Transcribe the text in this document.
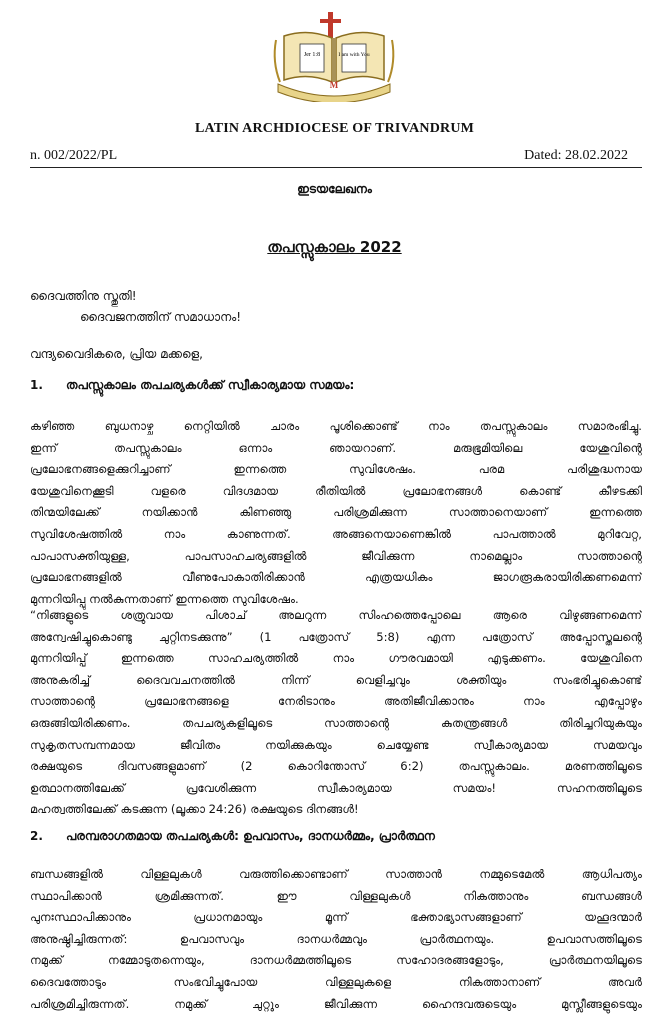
Jer 1:8	I am with You
M
LATIN ARCHDIOCESE OF TRIVANDRUM
n. 002/2022/PL	Dated: 28.02.2022
ഇടയലേഖനം
തപസ്സുകാലം 2022
ദൈവത്തിനു സ്തുതി!
ദൈവജനത്തിന് സമാധാനം!
വന്ദ്യവൈദികരെ, പ്രിയ മക്കളെ,
1. തപസ്സുകാലം തപചര്യകൾക്ക് സ്വീകാര്യമായ സമയം:
കഴിഞ്ഞ ബുധനാഴ്ച നെറ്റിയിൽ ചാരം പൂശിക്കൊണ്ട് നാം തപസ്സുകാലം സമാരംഭിച്ചു.
ഇന്ന് തപസ്സുകാലം ഒന്നാം ഞായറാണ്. മരുഭൂമിയിലെ യേശുവിന്റെ
പ്രലോഭനങ്ങളെക്കുറിച്ചാണ് ഇന്നത്തെ സുവിശേഷം. പരമ പരിശുദ്ധനായ
യേശുവിനെക്കൂടി വളരെ വിദഗ്ദമായ രീതിയിൽ പ്രലോഭനങ്ങൾ കൊണ്ട് കീഴടക്കി
തിന്മയിലേക്ക് നയിക്കാൻ കിണഞ്ഞു പരിശ്രമിക്കുന്ന സാത്താനെയാണ് ഇന്നത്തെ
സുവിശേഷത്തിൽ നാം കാണുന്നത്. അങ്ങനെയാണെങ്കിൽ പാപത്താൽ മുറിവേറ്റ,
പാപാസക്തിയുള്ള, പാപസാഹചര്യങ്ങളിൽ ജീവിക്കുന്ന നാമെല്ലാം സാത്താന്റെ
പ്രലോഭനങ്ങളിൽ വീണുപോകാതിരിക്കാൻ എത്രയധികം ജാഗരൂകരായിരിക്കണമെന്ന്
മുന്നറിയിപ്പു നൽകുന്നതാണ് ഇന്നത്തെ സുവിശേഷം.
“നിങ്ങളുടെ ശത്രുവായ പിശാച് അലറുന്ന സിംഹത്തെപ്പോലെ ആരെ വിഴുങ്ങണമെന്ന്
അന്വേഷിച്ചുകൊണ്ടു ചുറ്റിനടക്കുന്നു” (1 പത്രോസ് 5:8) എന്ന പത്രോസ് അപ്പോസ്തലന്റെ
മുന്നറിയിപ്പ് ഇന്നത്തെ സാഹചര്യത്തിൽ നാം ഗൗരവമായി എടുക്കണം. യേശുവിനെ
അനുകരിച്ച് ദൈവവചനത്തിൽ നിന്ന് വെളിച്ചവും ശക്തിയും സംഭരിച്ചുകൊണ്ട്
സാത്താന്റെ പ്രലോഭനങ്ങളെ നേരിടാനും അതിജീവിക്കാനും നാം എപ്പോഴും
ഒരുങ്ങിയിരിക്കണം. തപചര്യകളിലൂടെ സാത്താന്റെ കുതന്ത്രങ്ങൾ തിരിച്ചറിയുകയും
സുകൃതസമ്പന്നമായ ജീവിതം നയിക്കുകയും ചെയ്യേണ്ട സ്വീകാര്യമായ സമയവും
രക്ഷയുടെ ദിവസങ്ങളുമാണ് (2 കൊറിന്തോസ് 6:2) തപസ്സുകാലം. മരണത്തിലൂടെ
ഉത്ഥാനത്തിലേക്ക് പ്രവേശിക്കുന്ന സ്വീകാര്യമായ സമയം! സഹനത്തിലൂടെ
മഹത്വത്തിലേക്ക് കടക്കുന്ന (ലൂക്കാ 24:26) രക്ഷയുടെ ദിനങ്ങൾ!
2. പരമ്പരാഗതമായ തപചര്യകൾ: ഉപവാസം, ദാനധർമ്മം, പ്രാർത്ഥന
ബന്ധങ്ങളിൽ വിള്ളലുകൾ വരുത്തിക്കൊണ്ടാണ് സാത്താൻ നമ്മുടെമേൽ ആധിപത്യം
സ്ഥാപിക്കാൻ ശ്രമിക്കുന്നത്. ഈ വിള്ളലുകൾ നികത്താനും ബന്ധങ്ങൾ
പുനഃസ്ഥാപിക്കാനും പ്രധാനമായും മൂന്ന് ഭക്താഭ്യാസങ്ങളാണ് യഹൂദന്മാർ
അനുഷ്ഠിച്ചിരുന്നത്: ഉപവാസവും ദാനധർമ്മവും പ്രാർത്ഥനയും. ഉപവാസത്തിലൂടെ
നമുക്ക് നമ്മോടുതന്നെയും, ദാനധർമ്മത്തിലൂടെ സഹോദരങ്ങളോടും, പ്രാർത്ഥനയിലൂടെ
ദൈവത്തോടും സംഭവിച്ചുപോയ വിള്ളലുകളെ നികത്താനാണ് അവർ
പരിശ്രമിച്ചിരുന്നത്. നമുക്ക് ചുറ്റും ജീവിക്കുന്ന ഹൈന്ദവരുടെയും മുസ്ലീങ്ങളുടെയും
